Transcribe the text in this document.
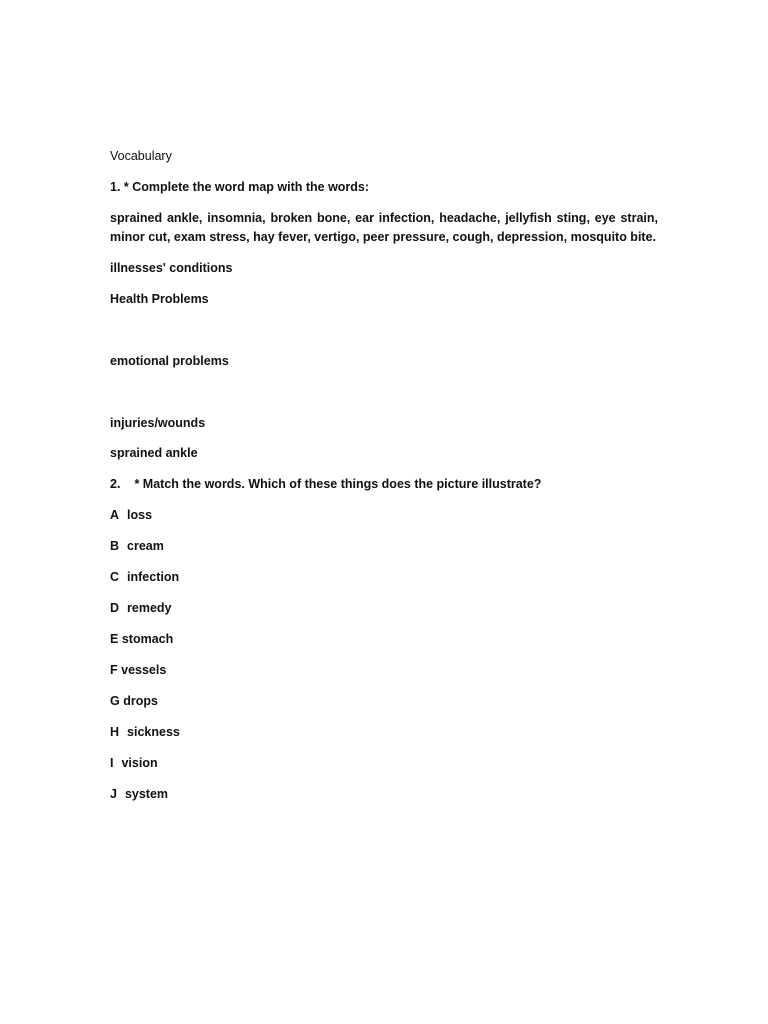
Vocabulary
1. * Complete the word map with the words:
sprained ankle, insomnia, broken bone, ear infection, headache, jellyfish sting, eye strain, minor cut, exam stress, hay fever, vertigo, peer pressure, cough, depression, mosquito bite.
illnesses' conditions
Health Problems
emotional problems
injuries/wounds
sprained ankle
2. * Match the words. Which of these things does the picture illustrate?
A loss
B cream
C infection
D remedy
E stomach
F vessels
G drops
H sickness
I vision
J system
